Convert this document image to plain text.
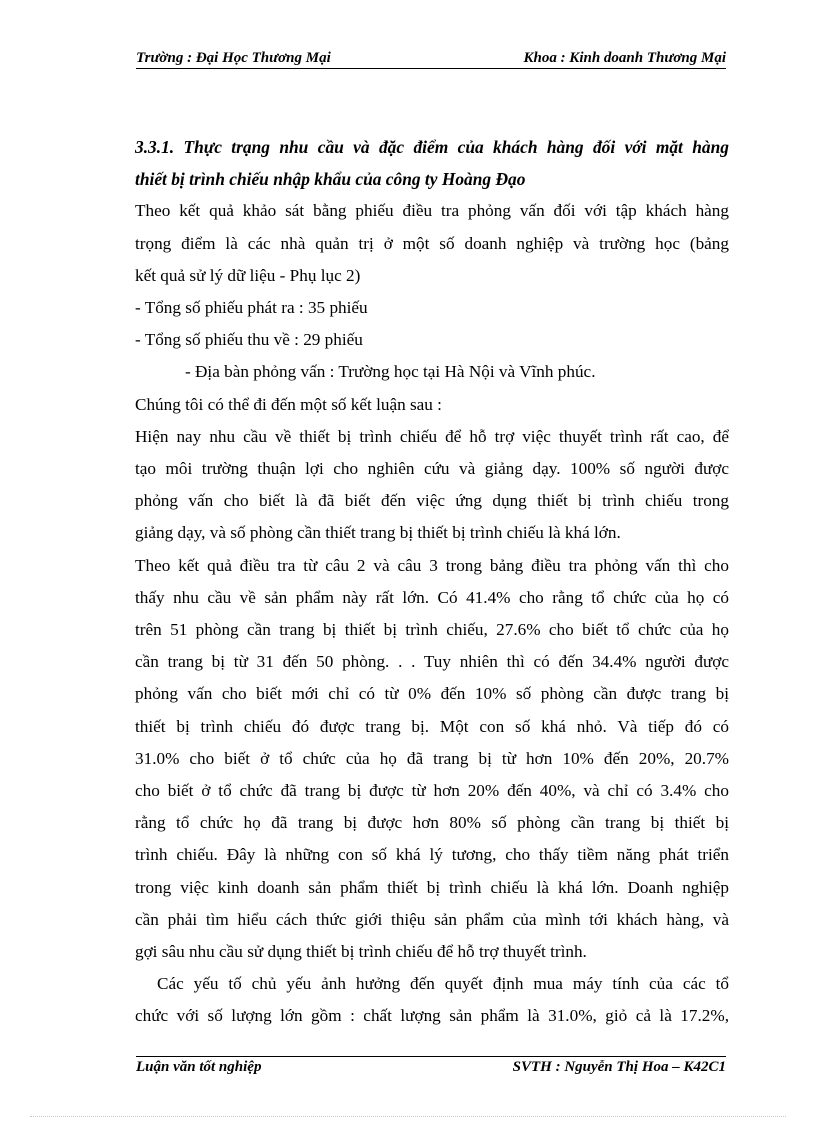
Trường : Đại Học Thương Mại	Khoa : Kinh doanh Thương Mại
3.3.1. Thực trạng nhu cầu và đặc điểm của khách hàng đối với mặt hàng
thiết bị trình chiếu nhập khẩu của công ty Hoàng Đạo
Theo kết quả khảo sát bằng phiếu điều tra phỏng vấn đối với tập khách hàng
trọng điểm là các nhà quản trị ở một số doanh nghiệp và trường học (bảng
kết quả sử lý dữ liệu - Phụ lục 2)
- Tổng số phiếu phát ra : 35 phiếu
- Tổng số phiếu thu về : 29 phiếu
- Địa bàn phỏng vấn : Trường học tại Hà Nội và Vĩnh phúc.
Chúng tôi có thể đi đến một số kết luận sau :
Hiện nay nhu cầu về thiết bị trình chiếu để hỗ trợ việc thuyết trình rất cao, để
tạo môi trường thuận lợi cho nghiên cứu và giảng dạy. 100% số người được
phỏng vấn cho biết là đã biết đến việc ứng dụng thiết bị trình chiếu trong
giảng dạy, và số phòng cần thiết trang bị thiết bị trình chiếu là khá lớn.
Theo kết quả điều tra từ câu 2 và câu 3 trong bảng điều tra phỏng vấn thì cho
thấy nhu cầu về sản phẩm này rất lớn. Có 41.4% cho rằng tổ chức của họ có
trên 51 phòng cần trang bị thiết bị trình chiếu, 27.6% cho biết tổ chức của họ
cần trang bị từ 31 đến 50 phòng. . . Tuy nhiên thì có đến 34.4% người được
phỏng vấn cho biết mới chỉ có từ 0% đến 10% số phòng cần được trang bị
thiết bị trình chiếu đó được trang bị. Một con số khá nhỏ. Và tiếp đó có
31.0% cho biết ở tổ chức của họ đã trang bị từ hơn 10% đến 20%, 20.7%
cho biết ở tổ chức đã trang bị được từ hơn 20% đến 40%, và chỉ có 3.4% cho
rằng tổ chức họ đã trang bị được hơn 80% số phòng cần trang bị thiết bị
trình chiếu. Đây là những con số khá lý tương, cho thấy tiềm năng phát triển
trong việc kinh doanh sản phẩm thiết bị trình chiếu là khá lớn. Doanh nghiệp
cần phải tìm hiểu cách thức giới thiệu sản phẩm của mình tới khách hàng, và
gợi sâu nhu cầu sử dụng thiết bị trình chiếu để hỗ trợ thuyết trình.
Các yếu tố chủ yếu ảnh hưởng đến quyết định mua máy tính của các tổ
chức với số lượng lớn gồm : chất lượng sản phẩm là 31.0%, giỏ cả là 17.2%,
Luận văn tốt nghiệp	SVTH : Nguyễn Thị Hoa – K42C1
